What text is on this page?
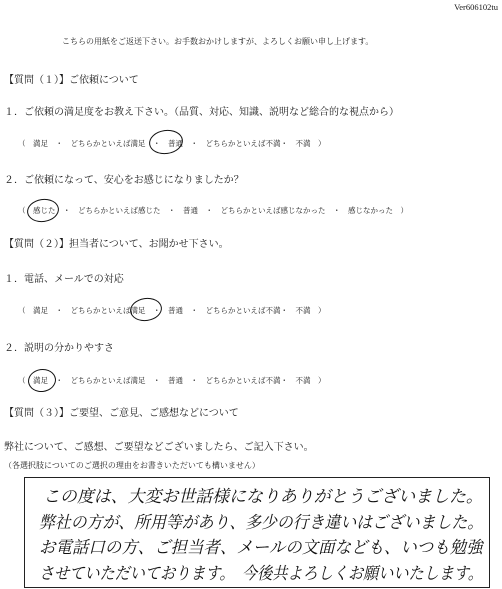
Ver606102tu
こちらの用紙をご返送下さい。お手数おかけしますが、よろしくお願い申し上げます。
【質問（１）】ご依頼について
１．ご依頼の満足度をお教え下さい。（品質、対応、知識、説明など総合的な視点から）
（　満足　・　どちらかといえば満足　・　普通　・　どちらかといえば不満・　不満　）
２．ご依頼になって、安心をお感じになりましたか？
（　感じた　・　どちらかといえば感じた　・　普通　・　どちらかといえば感じなかった　・　感じなかった　）
【質問（２）】担当者について、お聞かせ下さい。
１．電話、メールでの対応
（　満足　・　どちらかといえば満足　・　普通　・　どちらかといえば不満・　不満　）
２．説明の分かりやすさ
（　満足　・　どちらかといえば満足　・　普通　・　どちらかといえば不満・　不満　）
【質問（３）】ご要望、ご意見、ご感想などについて
弊社について、ご感想、ご要望などございましたら、ご記入下さい。
（各選択肢についてのご選択の理由をお書きいただいても構いません）
この度は、大変お世話様になりありがとうございました。
弊社の方が、所用等があり、多少の行き違いはございました。
お電話口の方、ご担当者、メールの文面なども、いつも勉強
させていただいております。　今後共よろしくお願いいたします。
